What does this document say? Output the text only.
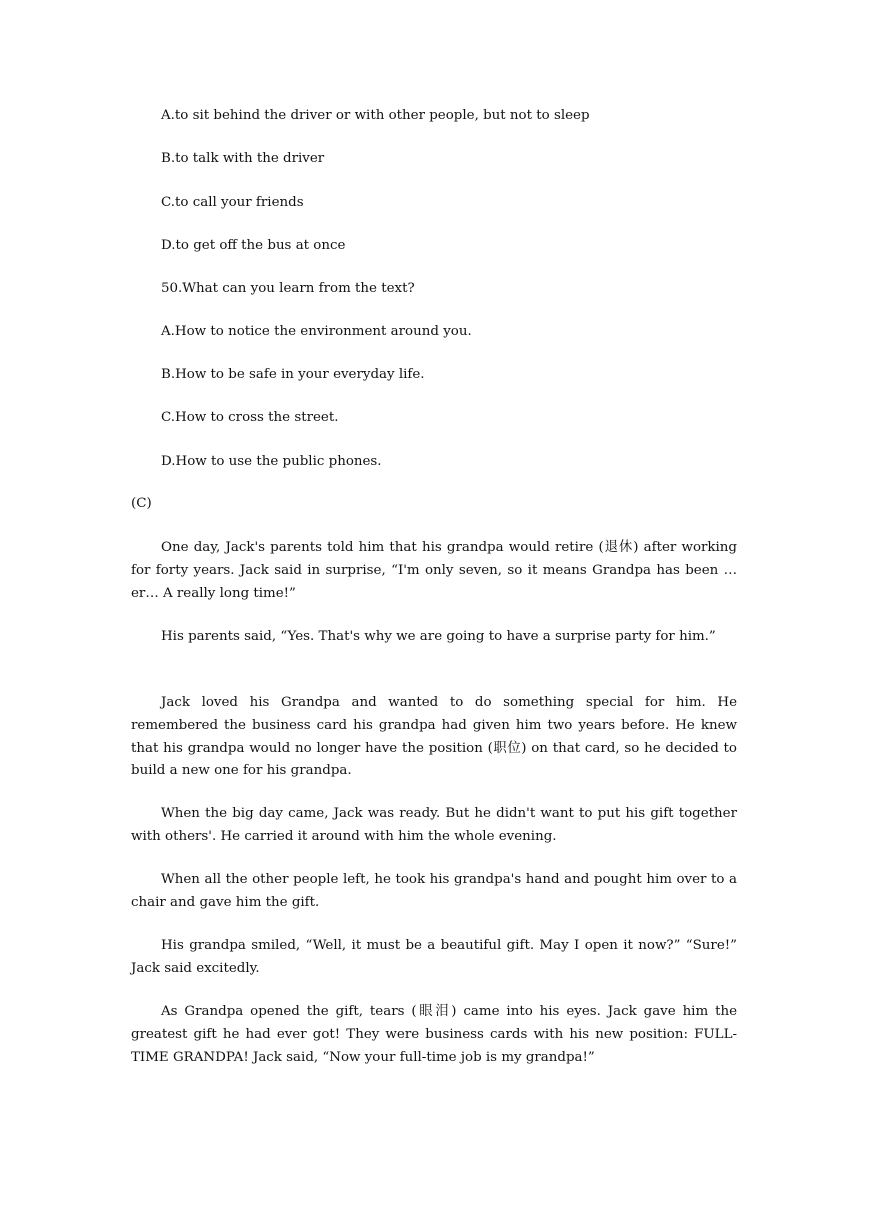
A.to sit behind the driver or with other people, but not to sleep
B.to talk with the driver
C.to call your friends
D.to get off the bus at once
50.What can you learn from the text?
A.How to notice the environment around you.
B.How to be safe in your everyday life.
C.How to cross the street.
D.How to use the public phones.
(C)

One day, Jack's parents told him that his grandpa would retire (退休) after working for forty years. Jack said in surprise, “I'm only seven, so it means Grandpa has been … er… A really long time!”

His parents said, “Yes. That's why we are going to have a surprise party for him.”

Jack loved his Grandpa and wanted to do something special for him. He remembered the business card his grandpa had given him two years before. He knew that his grandpa would no longer have the position (职位) on that card, so he decided to build a new one for his grandpa.

When the big day came, Jack was ready. But he didn't want to put his gift together with others'. He carried it around with him the whole evening.

When all the other people left, he took his grandpa's hand and pought him over to a chair and gave him the gift.

His grandpa smiled, “Well, it must be a beautiful gift. May I open it now?” “Sure!” Jack said excitedly.

As Grandpa opened the gift, tears (眼泪) came into his eyes. Jack gave him the greatest gift he had ever got! They were business cards with his new position: FULL-TIME GRANDPA! Jack said, “Now your full-time job is my grandpa!”
